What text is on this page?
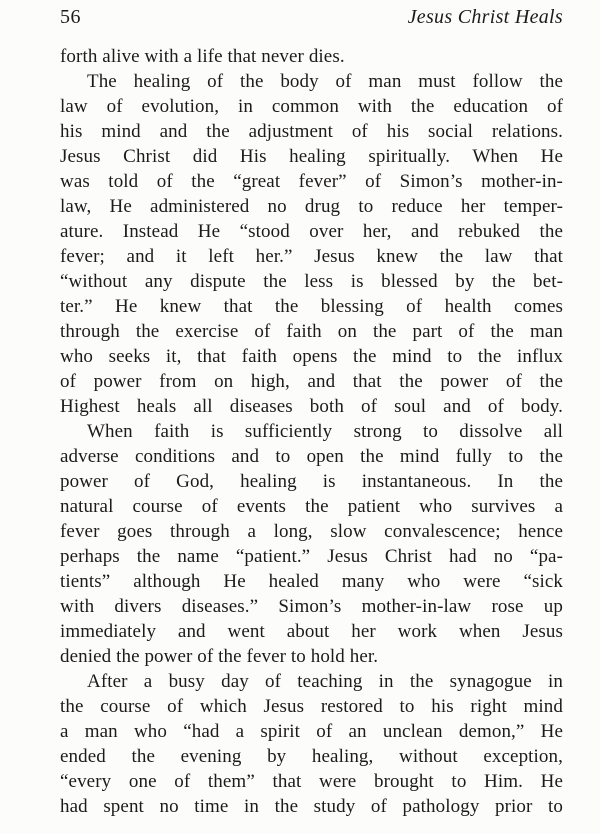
56	Jesus Christ Heals
forth alive with a life that never dies.
The healing of the body of man must follow the
law of evolution, in common with the education of
his mind and the adjustment of his social relations.
Jesus Christ did His healing spiritually. When He
was told of the “great fever” of Simon’s mother-in-
law, He administered no drug to reduce her temper-
ature. Instead He “stood over her, and rebuked the
fever; and it left her.” Jesus knew the law that
“without any dispute the less is blessed by the bet-
ter.” He knew that the blessing of health comes
through the exercise of faith on the part of the man
who seeks it, that faith opens the mind to the influx
of power from on high, and that the power of the
Highest heals all diseases both of soul and of body.
When faith is sufficiently strong to dissolve all
adverse conditions and to open the mind fully to the
power of God, healing is instantaneous. In the
natural course of events the patient who survives a
fever goes through a long, slow convalescence; hence
perhaps the name “patient.” Jesus Christ had no “pa-
tients” although He healed many who were “sick
with divers diseases.” Simon’s mother-in-law rose up
immediately and went about her work when Jesus
denied the power of the fever to hold her.
After a busy day of teaching in the synagogue in
the course of which Jesus restored to his right mind
a man who “had a spirit of an unclean demon,” He
ended the evening by healing, without exception,
“every one of them” that were brought to Him. He
had spent no time in the study of pathology prior to
